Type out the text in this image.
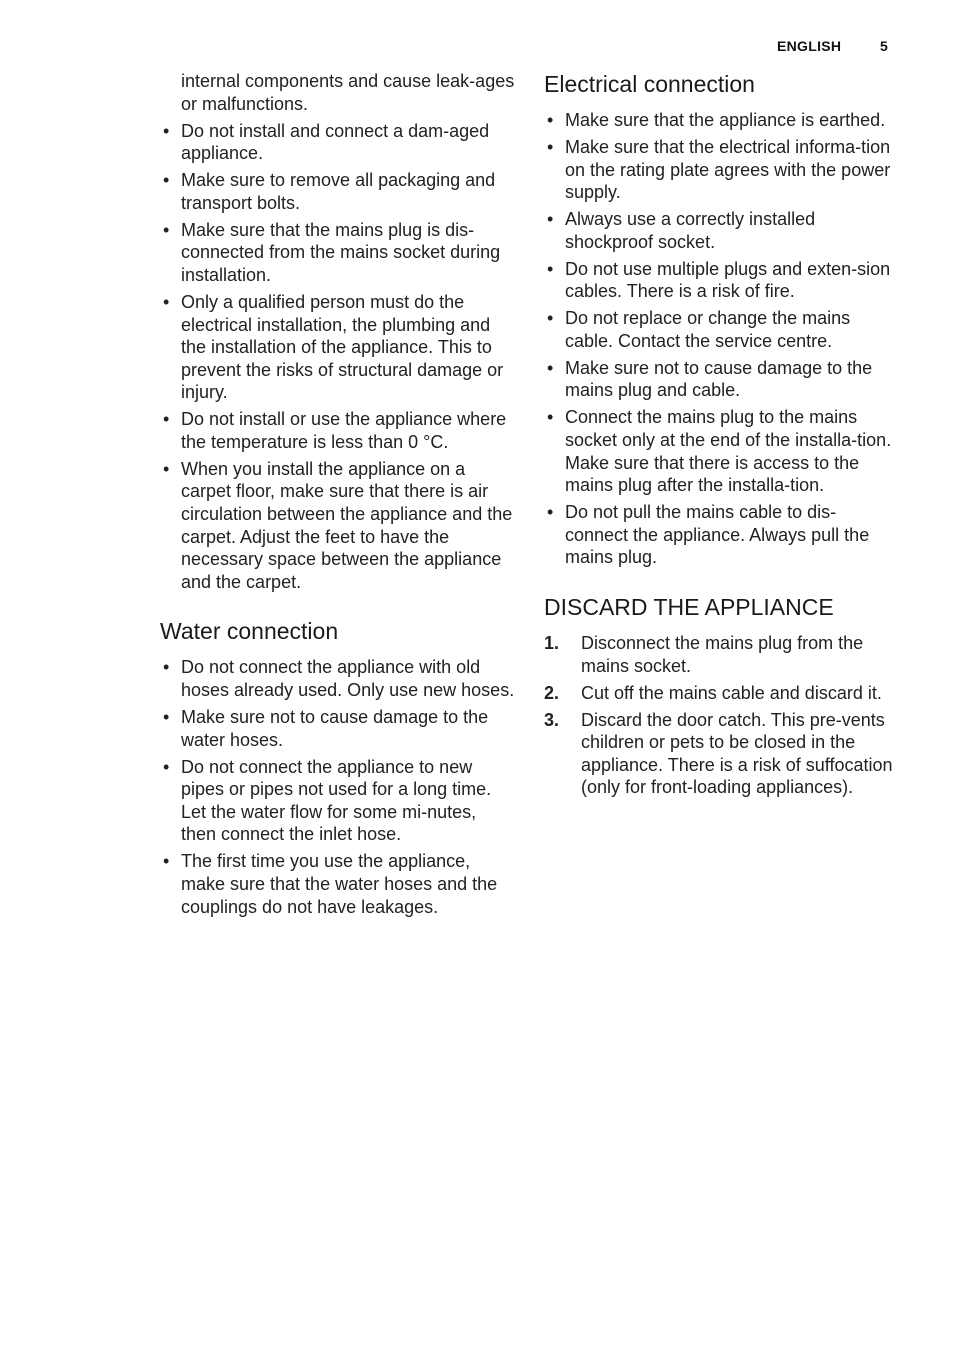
ENGLISH	5
internal components and cause leak-ages or malfunctions.
• Do not install and connect a dam-aged appliance.
• Make sure to remove all packaging and transport bolts.
• Make sure that the mains plug is dis-connected from the mains socket during installation.
• Only a qualified person must do the electrical installation, the plumbing and the installation of the appliance. This to prevent the risks of structural damage or injury.
• Do not install or use the appliance where the temperature is less than 0 °C.
• When you install the appliance on a carpet floor, make sure that there is air circulation between the appliance and the carpet. Adjust the feet to have the necessary space between the appliance and the carpet.
Water connection
• Do not connect the appliance with old hoses already used. Only use new hoses.
• Make sure not to cause damage to the water hoses.
• Do not connect the appliance to new pipes or pipes not used for a long time. Let the water flow for some mi-nutes, then connect the inlet hose.
• The first time you use the appliance, make sure that the water hoses and the couplings do not have leakages.
Electrical connection
• Make sure that the appliance is earthed.
• Make sure that the electrical informa-tion on the rating plate agrees with the power supply.
• Always use a correctly installed shockproof socket.
• Do not use multiple plugs and exten-sion cables. There is a risk of fire.
• Do not replace or change the mains cable. Contact the service centre.
• Make sure not to cause damage to the mains plug and cable.
• Connect the mains plug to the mains socket only at the end of the installa-tion. Make sure that there is access to the mains plug after the installa-tion.
• Do not pull the mains cable to dis-connect the appliance. Always pull the mains plug.
DISCARD THE APPLIANCE
1. Disconnect the mains plug from the mains socket.
2. Cut off the mains cable and discard it.
3. Discard the door catch. This pre-vents children or pets to be closed in the appliance. There is a risk of suffocation (only for front-loading appliances).
